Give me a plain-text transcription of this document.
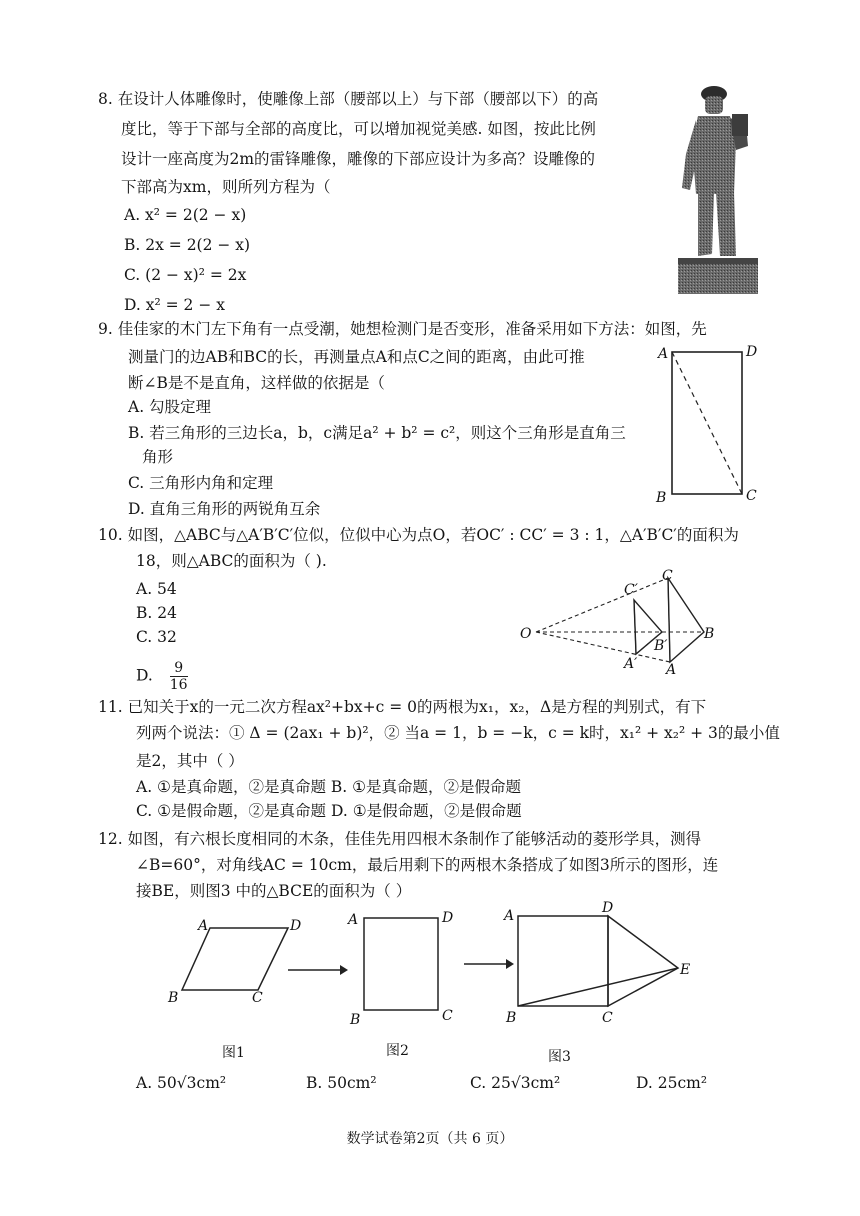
8. 在设计人体雕像时，使雕像上部（腰部以上）与下部（腰部以下）的高
度比，等于下部与全部的高度比，可以增加视觉美感. 如图，按此比例
设计一座高度为2m的雷锋雕像，雕像的下部应设计为多高？设雕像的
下部高为xm，则所列方程为（
A. x² = 2(2 − x)
B. 2x = 2(2 − x)
C. (2 − x)² = 2x
D. x² = 2 − x
9. 佳佳家的木门左下角有一点受潮，她想检测门是否变形，准备采用如下方法：如图，先
测量门的边AB和BC的长，再测量点A和点C之间的距离，由此可推
断∠B是不是直角，这样做的依据是（
A. 勾股定理
B. 若三角形的三边长a，b，c满足a² + b² = c²，则这个三角形是直角三
角形
C. 三角形内角和定理
D. 直角三角形的两锐角互余
A	D
B	C
10. 如图，△ABC与△A′B′C′位似，位似中心为点O，若OC′ : CC′ = 3 : 1，△A′B′C′的面积为
18，则△ABC的面积为（ ).
A. 54
B. 24
C. 32
D. $\frac{9}{16}$
O
C′
C
B′
B
A′ A
11. 已知关于x的一元二次方程ax²+bx+c = 0的两根为x₁，x₂，Δ是方程的判别式，有下
列两个说法：① Δ = (2ax₁ + b)²，② 当a = 1，b = −k，c = k时，x₁² + x₂² + 3的最小值
是2，其中（ ）
A. ①是真命题，②是真命题 B. ①是真命题，②是假命题
C. ①是假命题，②是真命题 D. ①是假命题，②是假命题
12. 如图，有六根长度相同的木条，佳佳先用四根木条制作了能够活动的菱形学具，测得
∠B=60°，对角线AC = 10cm，最后用剩下的两根木条搭成了如图3所示的图形，连
接BE，则图3 中的△BCE的面积为（ ）
A	D
B	C
A	D
B	C
A	D
E
B	C
图1	图2	图3
A. 50√3cm²	B. 50cm²	C. 25√3cm²	D. 25cm²
数学试卷第2页（共 6 页）
